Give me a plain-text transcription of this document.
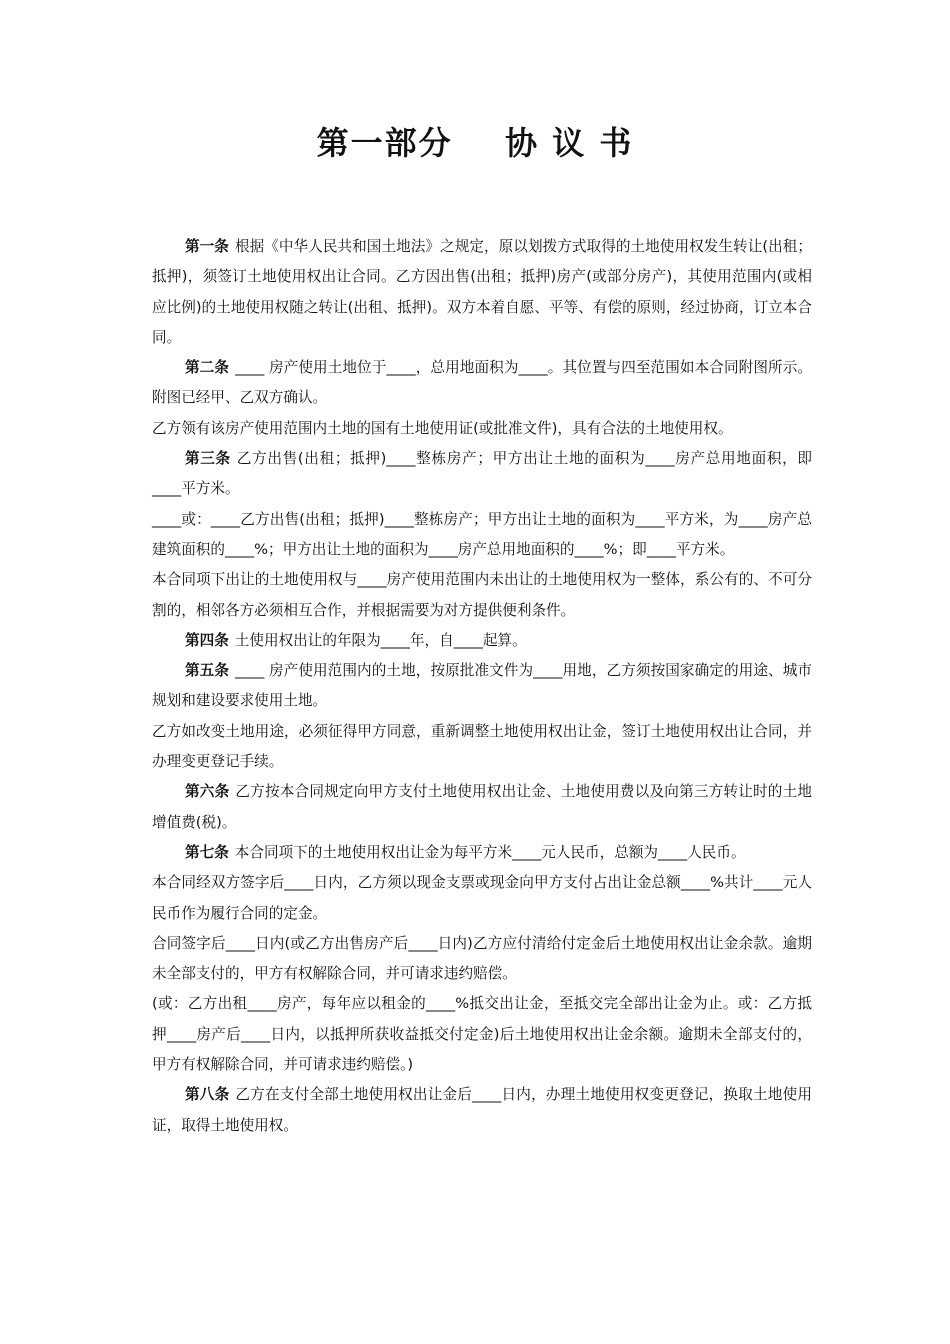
第一部分    协 议 书

第一条 根据《中华人民共和国土地法》之规定，原以划拨方式取得的土地使用权发生转让(出租；抵押)，须签订土地使用权出让合同。乙方因出售(出租；抵押)房产(或部分房产)，其使用范围内(或相应比例)的土地使用权随之转让(出租、抵押)。双方本着自愿、平等、有偿的原则，经过协商，订立本合同。

第二条 ____ 房产使用土地位于____，总用地面积为____。其位置与四至范围如本合同附图所示。附图已经甲、乙双方确认。

乙方领有该房产使用范围内土地的国有土地使用证(或批准文件)，具有合法的土地使用权。

第三条 乙方出售(出租；抵押)____整栋房产；甲方出让土地的面积为____房产总用地面积，即____平方米。

____或：____乙方出售(出租；抵押)____整栋房产；甲方出让土地的面积为____平方米，为____房产总建筑面积的____%；甲方出让土地的面积为____房产总用地面积的____%；即____平方米。

本合同项下出让的土地使用权与____房产使用范围内未出让的土地使用权为一整体，系公有的、不可分割的，相邻各方必须相互合作，并根据需要为对方提供便利条件。

第四条 土使用权出让的年限为____年，自____起算。

第五条 ____ 房产使用范围内的土地，按原批准文件为____用地，乙方须按国家确定的用途、城市规划和建设要求使用土地。

乙方如改变土地用途，必须征得甲方同意，重新调整土地使用权出让金，签订土地使用权出让合同，并办理变更登记手续。

第六条 乙方按本合同规定向甲方支付土地使用权出让金、土地使用费以及向第三方转让时的土地增值费(税)。

第七条 本合同项下的土地使用权出让金为每平方米____元人民币，总额为____人民币。

本合同经双方签字后____日内，乙方须以现金支票或现金向甲方支付占出让金总额____%共计____元人民币作为履行合同的定金。

合同签字后____日内(或乙方出售房产后____日内)乙方应付清给付定金后土地使用权出让金余款。逾期未全部支付的，甲方有权解除合同，并可请求违约赔偿。

(或：乙方出租____房产，每年应以租金的____%抵交出让金，至抵交完全部出让金为止。或：乙方抵押____房产后____日内，以抵押所获收益抵交付定金)后土地使用权出让金余额。逾期未全部支付的，甲方有权解除合同，并可请求违约赔偿。)

第八条 乙方在支付全部土地使用权出让金后____日内，办理土地使用权变更登记，换取土地使用证，取得土地使用权。
